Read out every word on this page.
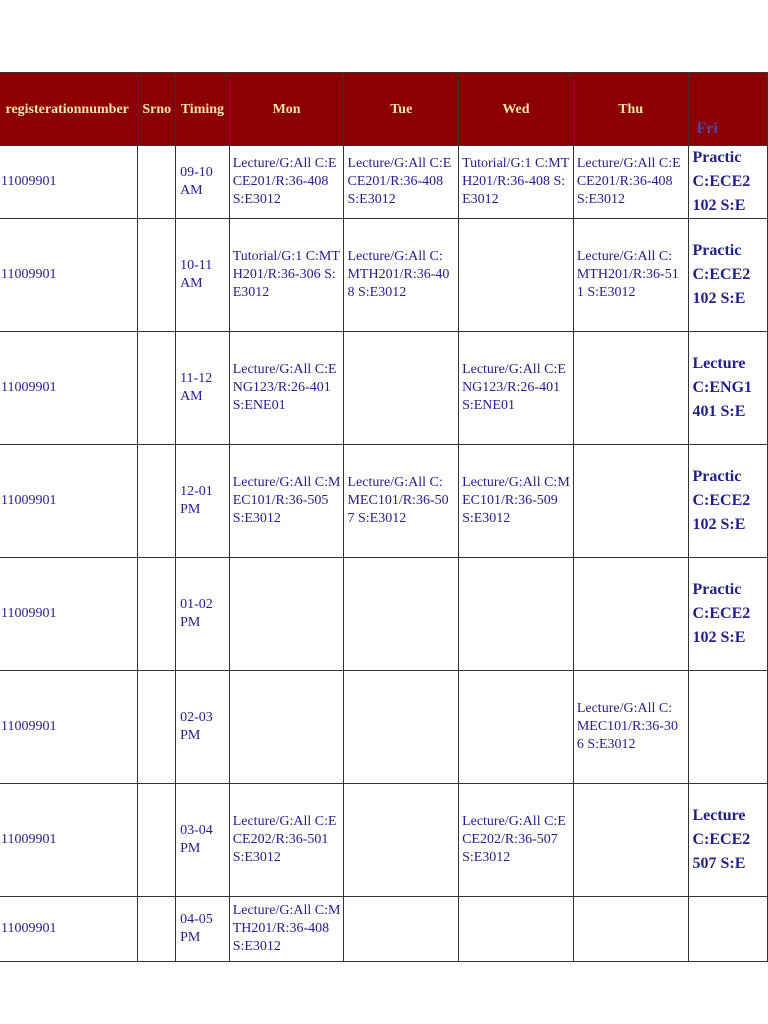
registerationnumber	Srno	Timing	Mon	Tue	Wed	Thu	Fri
11009901		09-10 AM	Lecture/G:All C:ECE201/R:36-408 S:E3012	Lecture/G:All C:ECE201/R:36-408 S:E3012	Tutorial/G:1 C:MTH201/R:36-408 S:E3012	Lecture/G:All C:ECE201/R:36-408 S:E3012	Practic
C:ECE2
102 S:E

11009901		10-11 AM	Tutorial/G:1 C:MTH201/R:36-306 S:E3012	Lecture/G:All C:MTH201/R:36-408 S:E3012		Lecture/G:All C:MTH201/R:36-511 S:E3012	Practic
C:ECE2
102 S:E

11009901		11-12 AM	Lecture/G:All C:ENG123/R:26-401 S:ENE01		Lecture/G:All C:ENG123/R:26-401 S:ENE01		Lecture
C:ENG1
401 S:E

11009901		12-01 PM	Lecture/G:All C:MEC101/R:36-505 S:E3012	Lecture/G:All C:MEC101/R:36-507 S:E3012	Lecture/G:All C:MEC101/R:36-509 S:E3012		Practic
C:ECE2
102 S:E

11009901		01-02 PM					Practic
C:ECE2
102 S:E

11009901		02-03 PM				Lecture/G:All C:MEC101/R:36-306 S:E3012	

11009901		03-04 PM	Lecture/G:All C:ECE202/R:36-501 S:E3012		Lecture/G:All C:ECE202/R:36-507 S:E3012		Lecture
C:ECE2
507 S:E

11009901		04-05 PM	Lecture/G:All C:MTH201/R:36-408 S:E3012				
